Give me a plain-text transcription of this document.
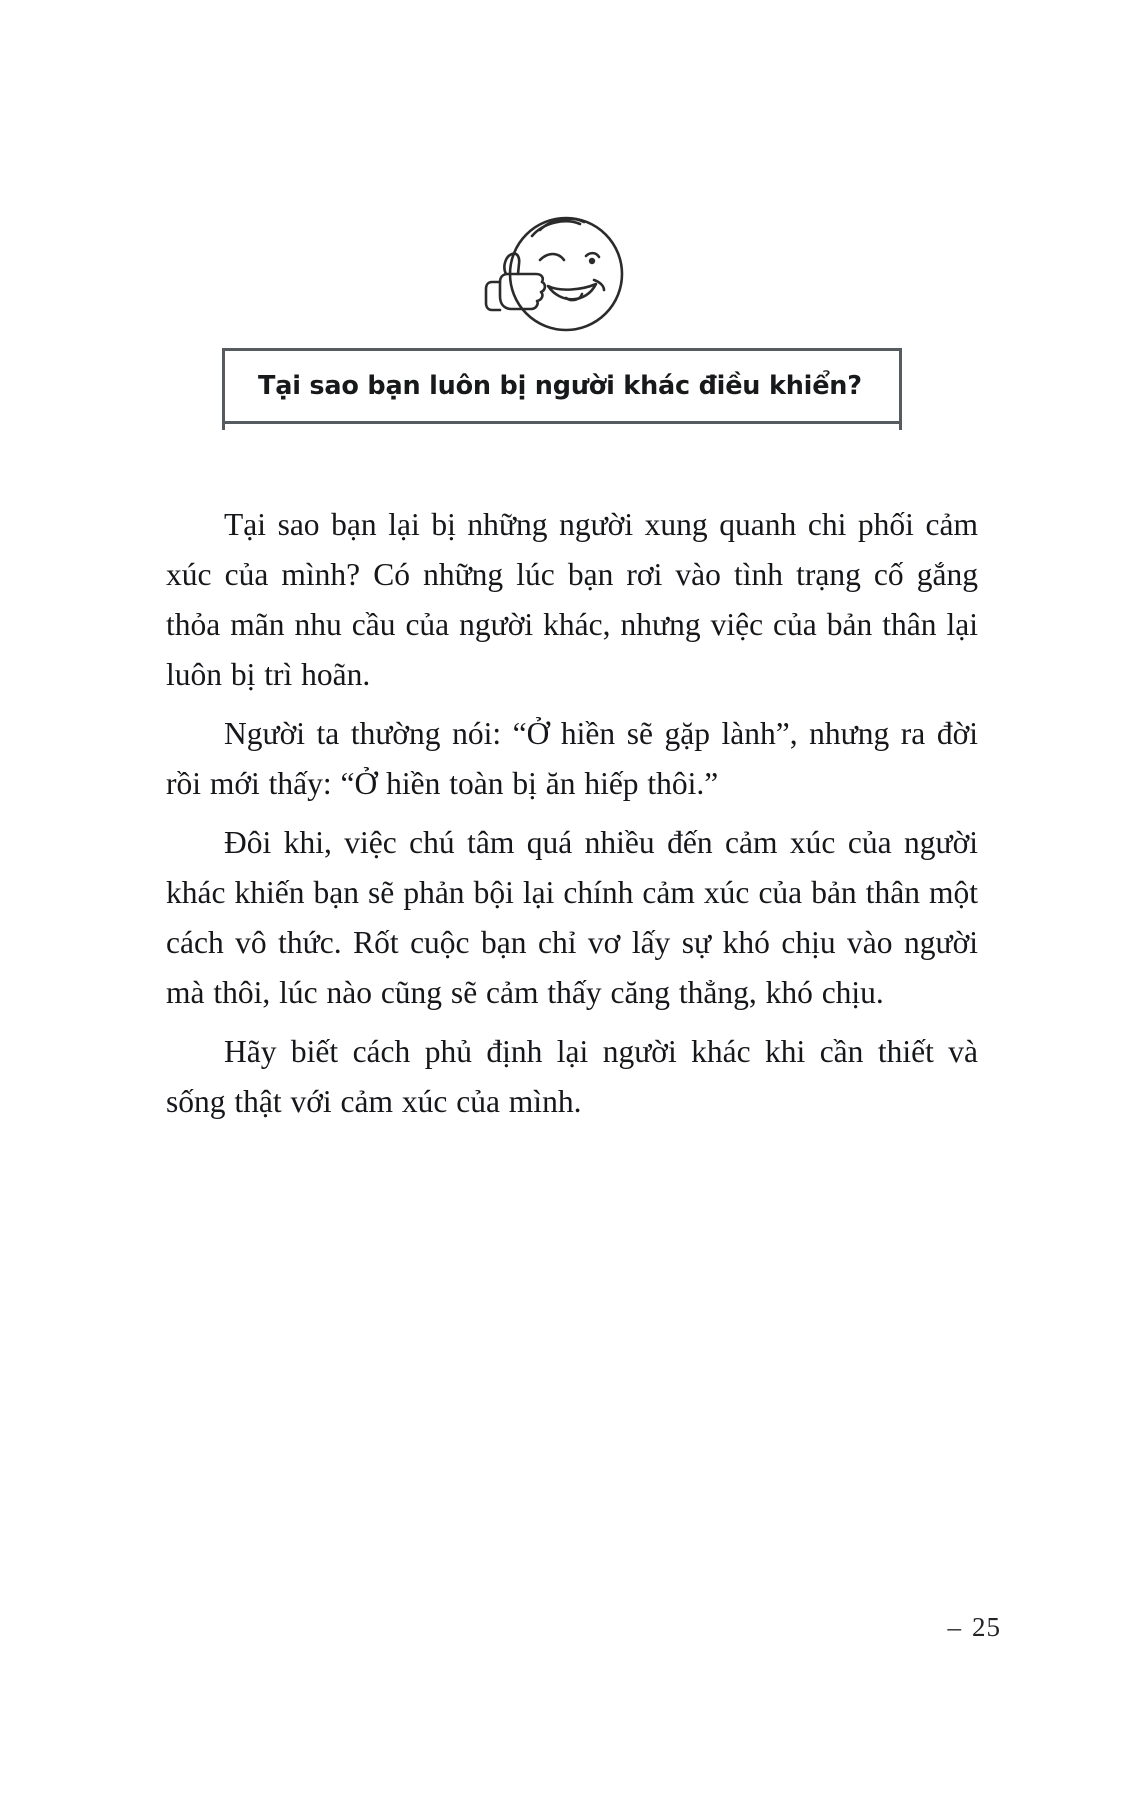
Tại sao bạn luôn bị người khác điều khiển?

Tại sao bạn lại bị những người xung quanh chi phối cảm xúc của mình? Có những lúc bạn rơi vào tình trạng cố gắng thỏa mãn nhu cầu của người khác, nhưng việc của bản thân lại luôn bị trì hoãn.

Người ta thường nói: “Ở hiền sẽ gặp lành”, nhưng ra đời rồi mới thấy: “Ở hiền toàn bị ăn hiếp thôi.”

Đôi khi, việc chú tâm quá nhiều đến cảm xúc của người khác khiến bạn sẽ phản bội lại chính cảm xúc của bản thân một cách vô thức. Rốt cuộc bạn chỉ vơ lấy sự khó chịu vào người mà thôi, lúc nào cũng sẽ cảm thấy căng thẳng, khó chịu.

Hãy biết cách phủ định lại người khác khi cần thiết và sống thật với cảm xúc của mình.

– 25
